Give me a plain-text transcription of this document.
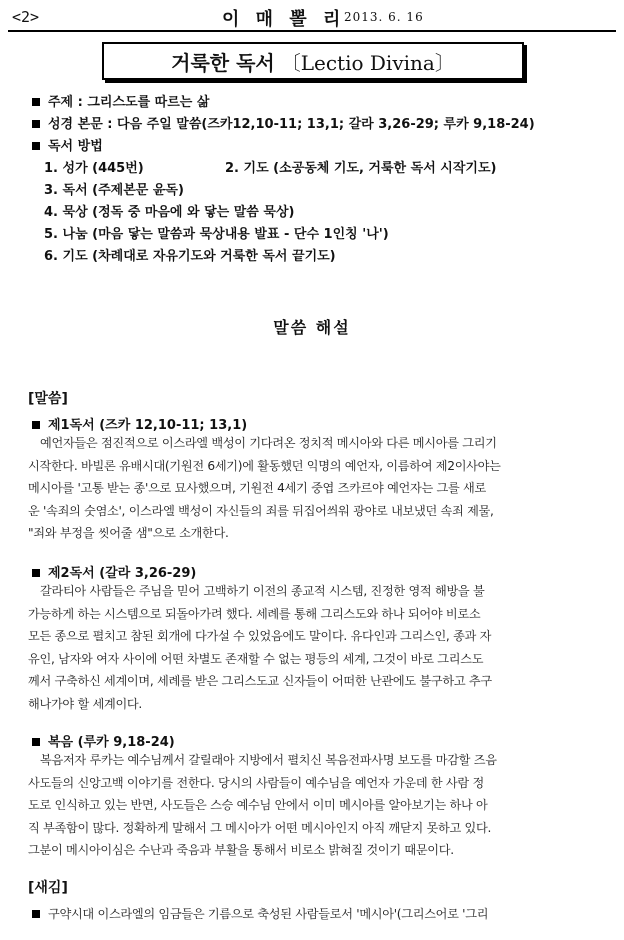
<2>	이 매 뽈 리
2013. 6. 16
거룩한 독서 〔Lectio Divina〕
주제 : 그리스도를 따르는 삶
성경 본문 : 다음 주일 말씀(즈카12,10-11; 13,1; 갈라 3,26-29; 루카 9,18-24)
독서 방법
1. 성가 (445번)	2. 기도 (소공동체 기도, 거룩한 독서 시작기도)
3. 독서 (주제본문 윤독)
4. 묵상 (정독 중 마음에 와 닿는 말씀 묵상)
5. 나눔 (마음 닿는 말씀과 묵상내용 발표 - 단수 1인칭 '나')
6. 기도 (차례대로 자유기도와 거룩한 독서 끝기도)
말씀 해설
[말씀]
제1독서 (즈카 12,10-11; 13,1)
예언자들은 점진적으로 이스라엘 백성이 기다려온 정치적 메시아와 다른 메시아를 그리기
시작한다. 바빌론 유배시대(기원전 6세기)에 활동했던 익명의 예언자, 이름하여 제2이사야는
메시아를 '고통 받는 종'으로 묘사했으며, 기원전 4세기 중엽 즈카르야 예언자는 그를 새로
운 '속죄의 숫염소', 이스라엘 백성이 자신들의 죄를 뒤집어씌워 광야로 내보냈던 속죄 제물,
"죄와 부정을 씻어줄 샘"으로 소개한다.
제2독서 (갈라 3,26-29)
갈라티아 사람들은 주님을 믿어 고백하기 이전의 종교적 시스템, 진정한 영적 해방을 불
가능하게 하는 시스템으로 되돌아가려 했다. 세례를 통해 그리스도와 하나 되어야 비로소
모든 종으로 펼치고 참된 회개에 다가설 수 있었음에도 말이다. 유다인과 그리스인, 종과 자
유인, 남자와 여자 사이에 어떤 차별도 존재할 수 없는 평등의 세계, 그것이 바로 그리스도
께서 구축하신 세계이며, 세례를 받은 그리스도교 신자들이 어떠한 난관에도 불구하고 추구
해나가야 할 세계이다.
복음 (루카 9,18-24)
복음저자 루카는 예수님께서 갈릴래아 지방에서 펼치신 복음전파사명 보도를 마감할 즈음
사도들의 신앙고백 이야기를 전한다. 당시의 사람들이 예수님을 예언자 가운데 한 사람 정
도로 인식하고 있는 반면, 사도들은 스승 예수님 안에서 이미 메시아를 알아보기는 하나 아
직 부족함이 많다. 정확하게 말해서 그 메시아가 어떤 메시아인지 아직 깨닫지 못하고 있다.
그분이 메시아이심은 수난과 죽음과 부활을 통해서 비로소 밝혀질 것이기 때문이다.
[새김]
구약시대 이스라엘의 임금들은 기름으로 축성된 사람들로서 '메시아'(그리스어로 '그리
